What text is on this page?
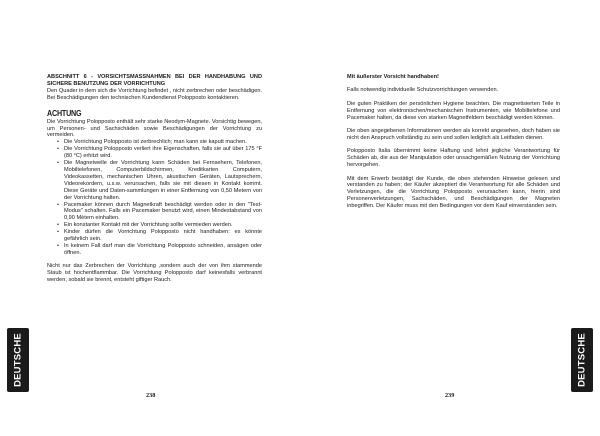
ABSCHNITT 6 - VORSICHTSMASSNAHMEN BEI DER HANDHABUNG UND SICHERE BENUTZUNG DER VORRICHTUNG
Den Quader in dem sich die Vorrichtung befindet , nicht zerbrechen oder beschädigen. Bei Beschädigungen den technischen Kundendienst Polopposto kontaktieren.
ACHTUNG
Die Vorrichtung Polopposto enthält sehr starke Neodym-Magnete. Vorsichtig bewegen, um Personen- und Sachschäden sowie Beschädigungen der Vorrichtung zu vermeiden.
• Die Vorrichtung Polopposto ist zerbrechlich; man kann sie kaputt machen.
• Die Vorrichtung Polopposto verliert ihre Eigenschaften, falls sie auf über 175 °F (80 °C) erhitzt wird.
• Die Magnetwelle der Vorrichtung kann Schäden bei Fernsehern, Telefonen, Mobiltelefonen, Computerbildschirmen, Kreditkarten Computern, Videokassetten, mechanischen Uhren, akustischen Geräten, Lautsprechern, Videorekordern, u.s.w. verursachen, falls sie mit diesen in Kontakt kommt. Diese Geräte und Daten-sammlungen in einer Entfernung von 0,50 Metern von der Vorrichtung halten.
• Pacemaker können durch Magnetkraft beschädigt werden oder in den "Test-Modus" schalten. Falls ein Pacemaker benutzt wird, einen Mindestabstand von 0,90 Mètern einhalten.
• Ein konstanter Kontakt mit der Vorrichtung sollte vermieden werden.
• Kinder dürfen die Vorrichtung Polopposto nicht handhaben: es könnte gefährlich sein.
• In keinem Fall darf man die Vorrichtung Polopposto schneiden, ansägen oder öffnen.
Nicht nur das Zerbrechen der Vorrichtung ,sondern auch der von ihm stammende Staub ist hochentflammbar. Die Vorrichtung Polopposto darf keinesfalls verbrannt werden, sobald sie brennt, entsteht giftiger Rauch.
DEUTSCHE
238	239
Mit äußerster Vorsicht handhaben!
Falls notwendig individuelle Schutzvorrichtungen verwenden.
Die guten Praktiken der persönlichen Hygiene beachten. Die magnetisierten Teile in Entfernung von elektronischen/mechanischen Instrumenten, wie Mobiltelefone und Pacemaker halten, da diese von starken Magnetfeldern beschädigt werden können.
Die oben angegebenen Informationen werden als korrekt angesehen, doch haben sie nicht den Anspruch vollständig zu sein und sollen lediglich als Leitfaden dienen.
Polopposto Italia übernimmt keine Haftung und lehnt jegliche Verantwortung für Schäden ab, die aus der Manipulation oder unsachgemäßen Nutzung der Vorrichtung hervorgehen.
Mit dem Erwerb bestätigt der Kunde, die oben stehenden Hinweise gelesen und verstanden zu haben; der Käufer akzeptiert die Verantwortung für alle Schäden und Verletzungen, die die Vorrichtung Polopposto verursachen kann, hierin sind Personenverletzungen, Sachschäden, und Beschädigungen der Magneten inbegriffen. Der Käufer muss mit den Bedingungen vor dem Kauf einverstanden sein.
DEUTSCHE
